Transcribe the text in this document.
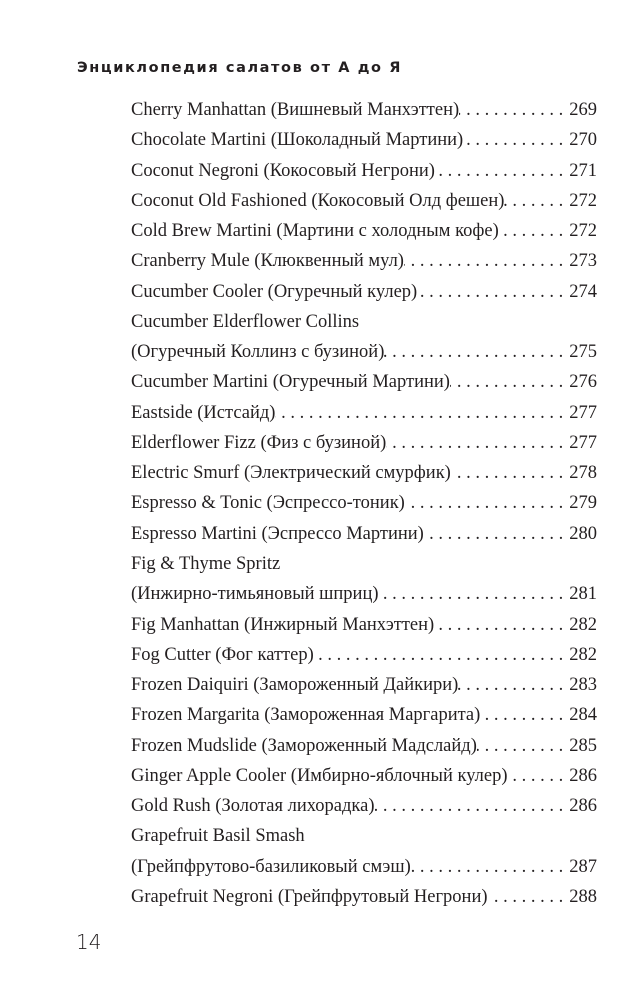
Энциклопедия салатов от А до Я
Cherry Manhattan (Вишневый Манхэттен) . . .	269
Chocolate Martini (Шоколадный Мартини) . . .	270
Coconut Negroni (Кокосовый Негрони) . . .	271
Coconut Old Fashioned (Кокосовый Олд фешен) . . .	272
Cold Brew Martini (Мартини с холодным кофе) . . .	272
Cranberry Mule (Клюквенный мул) . . .	273
Cucumber Cooler (Огуречный кулер) . . .	274
Cucumber Elderflower Collins
(Огуречный Коллинз с бузиной) . . .	275
Cucumber Martini (Огуречный Мартини) . . .	276
Eastside (Истсайд) . . .	277
Elderflower Fizz (Физ с бузиной) . . .	277
Electric Smurf (Электрический смурфик) . . .	278
Espresso & Tonic (Эспрессо-тоник) . . .	279
Espresso Martini (Эспрессо Мартини) . . .	280
Fig & Thyme Spritz
(Инжирно-тимьяновый шприц) . . .	281
Fig Manhattan (Инжирный Манхэттен) . . .	282
Fog Cutter (Фог каттер) . . .	282
Frozen Daiquiri (Замороженный Дайкири) . . .	283
Frozen Margarita (Замороженная Маргарита) . . .	284
Frozen Mudslide (Замороженный Мадслайд) . . .	285
Ginger Apple Cooler (Имбирно-яблочный кулер) . . .	286
Gold Rush (Золотая лихорадка) . . .	286
Grapefruit Basil Smash
(Грейпфрутово-базиликовый смэш) . . .	287
Grapefruit Negroni (Грейпфрутовый Негрони) . . .	288
14
